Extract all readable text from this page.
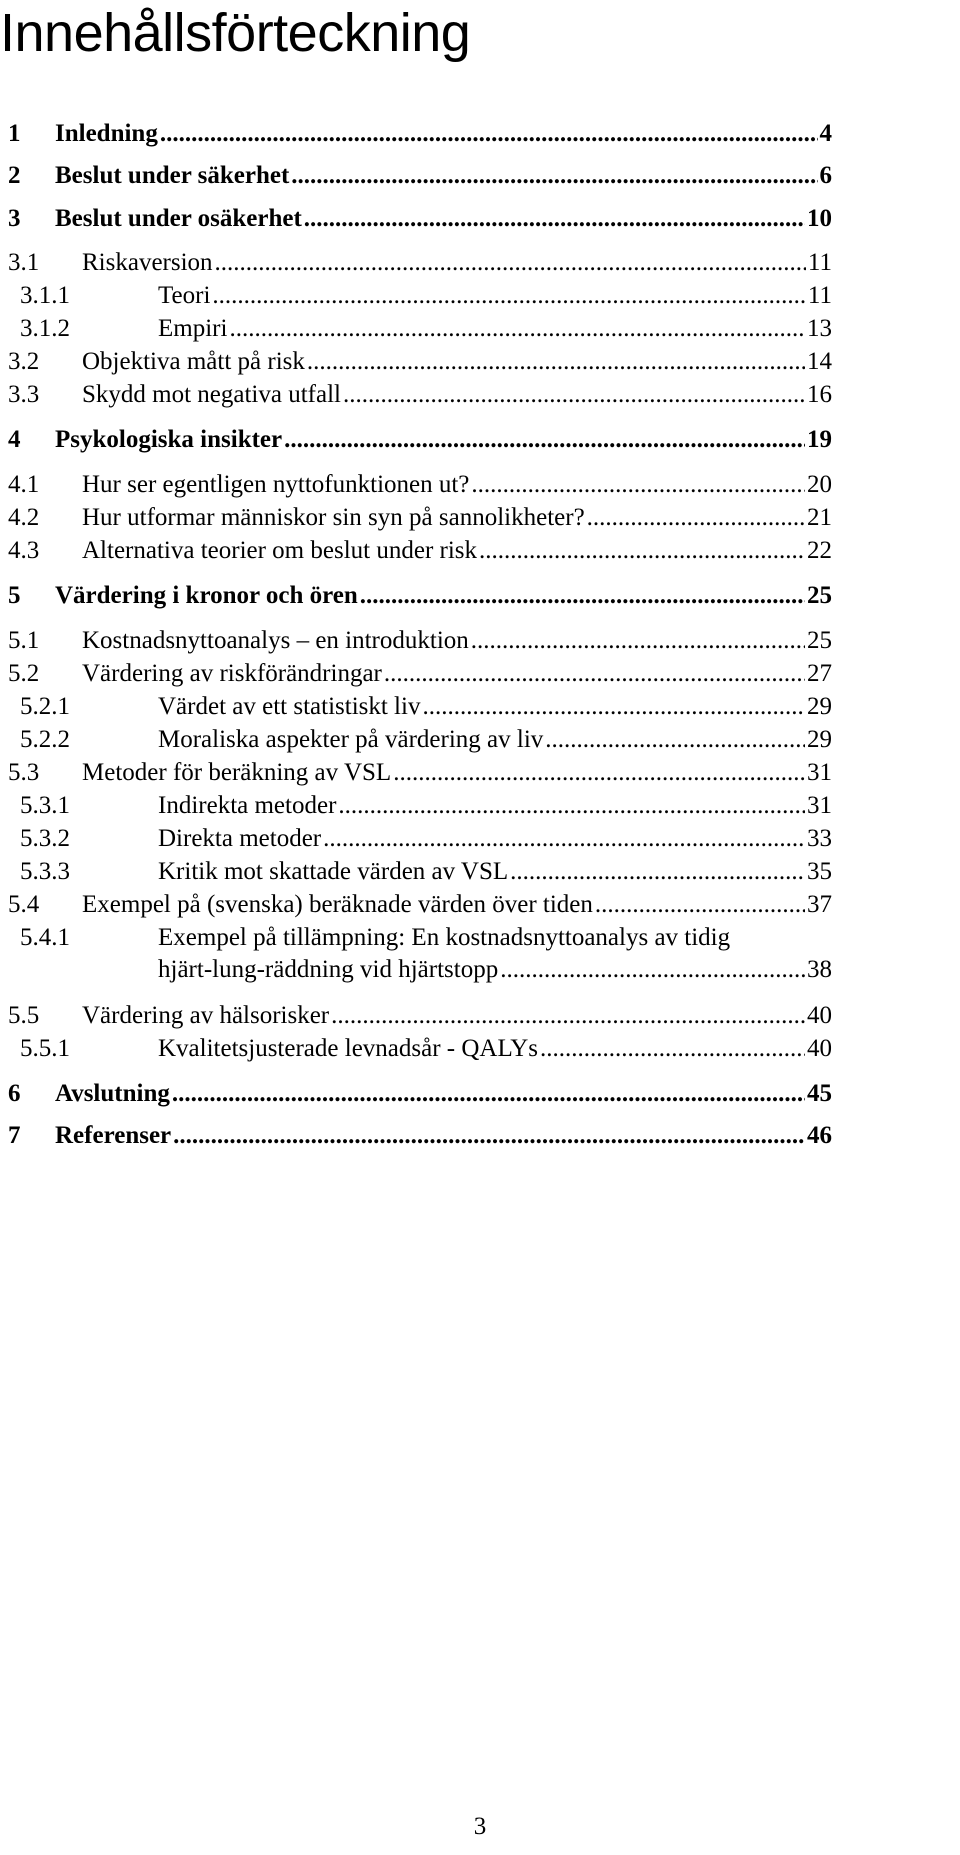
Innehållsförteckning
1 Inledning .....	4
2 Beslut under säkerhet .....	6
3 Beslut under osäkerhet .....	10
3.1 Riskaversion .....	11
3.1.1	Teori .....	11
3.1.2	Empiri .....	13
3.2 Objektiva mått på risk .....	14
3.3 Skydd mot negativa utfall .....	16
4 Psykologiska insikter .....	19
4.1 Hur ser egentligen nyttofunktionen ut? .....	20
4.2 Hur utformar människor sin syn på sannolikheter? .....	21
4.3 Alternativa teorier om beslut under risk .....	22
5 Värdering i kronor och ören .....	25
5.1 Kostnadsnyttoanalys – en introduktion .....	25
5.2 Värdering av riskförändringar .....	27
5.2.1	Värdet av ett statistiskt liv .....	29
5.2.2	Moraliska aspekter på värdering av liv .....	29
5.3 Metoder för beräkning av VSL .....	31
5.3.1	Indirekta metoder .....	31
5.3.2	Direkta metoder .....	33
5.3.3	Kritik mot skattade värden av VSL .....	35
5.4 Exempel på (svenska) beräknade värden över tiden .....	37
5.4.1	Exempel på tillämpning: En kostnadsnyttoanalys av tidig
hjärt-lung-räddning vid hjärtstopp .....	38
5.5 Värdering av hälsorisker .....	40
5.5.1	Kvalitetsjusterade levnadsår - QALYs .....	40
6 Avslutning .....	45
7 Referenser .....	46
3
